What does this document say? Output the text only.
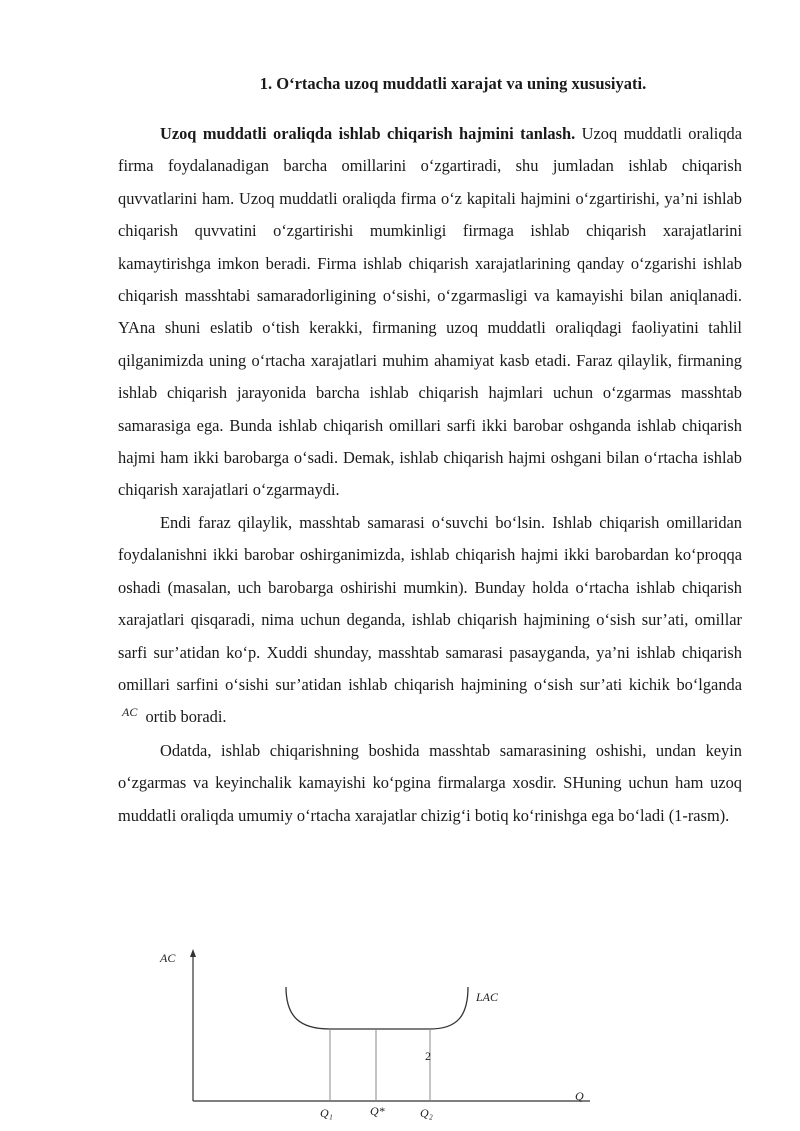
1. O‘rtacha uzoq muddatli xarajat va uning xususiyati.

Uzoq muddatli oraliqda ishlab chiqarish hajmini tanlash. Uzoq muddatli oraliqda firma foydalanadigan barcha omillarini o‘zgartiradi, shu jumladan ishlab chiqarish quvvatlarini ham. Uzoq muddatli oraliqda firma o‘z kapitali hajmini o‘zgartirishi, ya’ni ishlab chiqarish quvvatini o‘zgartirishi mumkinligi firmaga ishlab chiqarish xarajatlarini kamaytirishga imkon beradi. Firma ishlab chiqarish xarajatlarining qanday o‘zgarishi ishlab chiqarish masshtabi samaradorligining o‘sishi, o‘zgarmasligi va kamayishi bilan aniqlanadi. YAna shuni eslatib o‘tish kerakki, firmaning uzoq muddatli oraliqdagi faoliyatini tahlil qilganimizda uning o‘rtacha xarajatlari muhim ahamiyat kasb etadi. Faraz qilaylik, firmaning ishlab chiqarish jarayonida barcha ishlab chiqarish hajmlari uchun o‘zgarmas masshtab samarasiga ega. Bunda ishlab chiqarish omillari sarfi ikki barobar oshganda ishlab chiqarish hajmi ham ikki barobarga o‘sadi. Demak, ishlab chiqarish hajmi oshgani bilan o‘rtacha ishlab chiqarish xarajatlari o‘zgarmaydi.

Endi faraz qilaylik, masshtab samarasi o‘suvchi bo‘lsin. Ishlab chiqarish omillaridan foydalanishni ikki barobar oshirganimizda, ishlab chiqarish hajmi ikki barobardan ko‘proqqa oshadi (masalan, uch barobarga oshirishi mumkin). Bunday holda o‘rtacha ishlab chiqarish xarajatlari qisqaradi, nima uchun deganda, ishlab chiqarish hajmining o‘sish sur’ati, omillar sarfi sur’atidan ko‘p. Xuddi shunday, masshtab samarasi pasayganda, ya’ni ishlab chiqarish omillari sarfini o‘sishi sur’atidan ishlab chiqarish hajmining o‘sish sur’ati kichik bo‘lganda $^{AC}$ ortib boradi.

Odatda, ishlab chiqarishning boshida masshtab samarasining oshishi, undan keyin o‘zgarmas va keyinchalik kamayishi ko‘pgina firmalarga xosdir. SHuning uchun ham uzoq muddatli oraliqda umumiy o‘rtacha xarajatlar chizig‘i botiq ko‘rinishga ega bo‘ladi (1-rasm).

AC
Q
LAC
2
Q₁	Q*	Q₂
